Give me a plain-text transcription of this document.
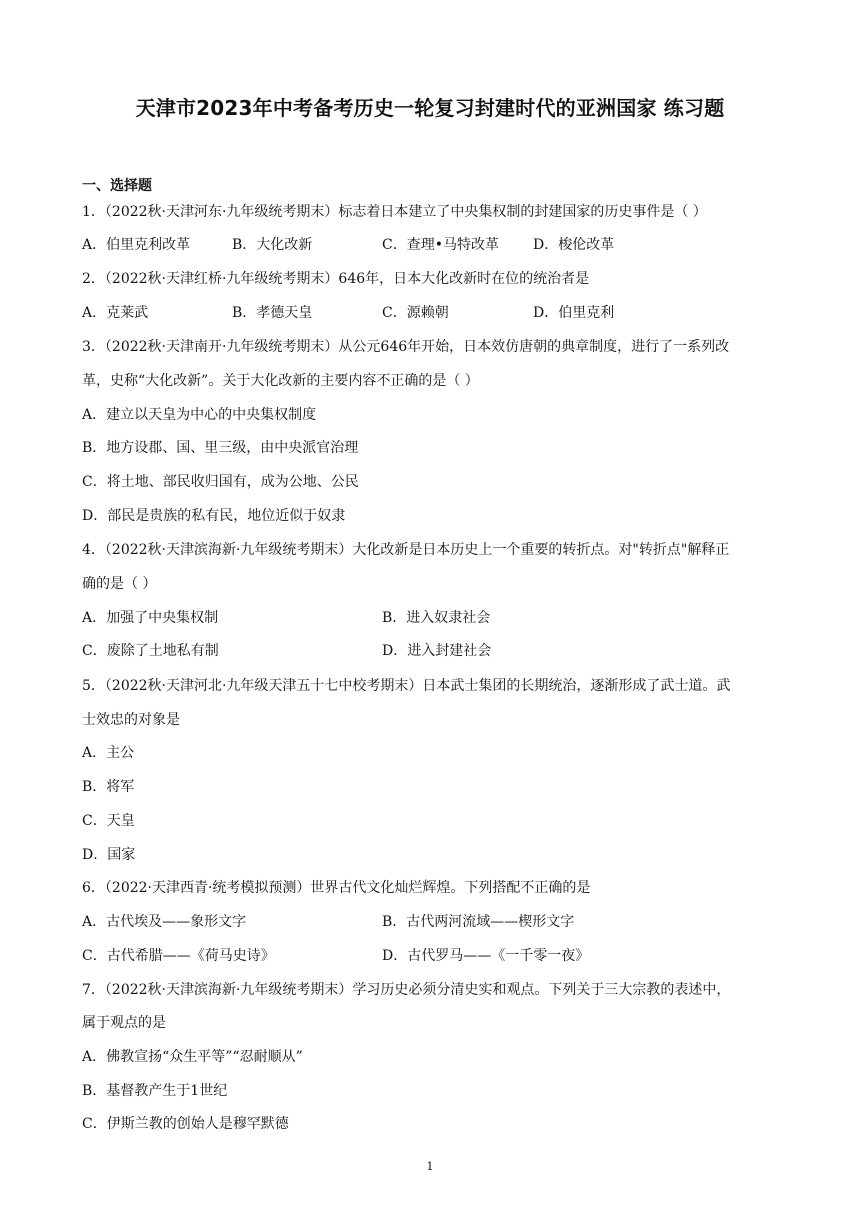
天津市2023年中考备考历史一轮复习封建时代的亚洲国家 练习题
一、选择题
1．（2022秋·天津河东·九年级统考期末）标志着日本建立了中央集权制的封建国家的历史事件是（ ）
A．伯里克利改革	B．大化改新	C．查理•马特改革 D．梭伦改革
2．（2022秋·天津红桥·九年级统考期末）646年，日本大化改新时在位的统治者是
A．克莱武	B．孝德天皇	C．源赖朝	D．伯里克利
3．（2022秋·天津南开·九年级统考期末）从公元646年开始，日本效仿唐朝的典章制度，进行了一系列改
革，史称“大化改新”。关于大化改新的主要内容不正确的是（ ）
A．建立以天皇为中心的中央集权制度
B．地方设郡、国、里三级，由中央派官治理
C．将土地、部民收归国有，成为公地、公民
D．部民是贵族的私有民，地位近似于奴隶
4．（2022秋·天津滨海新·九年级统考期末）大化改新是日本历史上一个重要的转折点。对"转折点"解释正
确的是（ ）
A．加强了中央集权制	B．进入奴隶社会
C．废除了土地私有制	D．进入封建社会
5．（2022秋·天津河北·九年级天津五十七中校考期末）日本武士集团的长期统治，逐渐形成了武士道。武
士效忠的对象是
A．主公
B．将军
C．天皇
D．国家
6．（2022·天津西青·统考模拟预测）世界古代文化灿烂辉煌。下列搭配不正确的是
A．古代埃及——象形文字	B．古代两河流域——楔形文字
C．古代希腊——《荷马史诗》	D．古代罗马——《一千零一夜》
7．（2022秋·天津滨海新·九年级统考期末）学习历史必须分清史实和观点。下列关于三大宗教的表述中，
属于观点的是
A．佛教宣扬“众生平等”“忍耐顺从”
B．基督教产生于1世纪
C．伊斯兰教的创始人是穆罕默德
1
